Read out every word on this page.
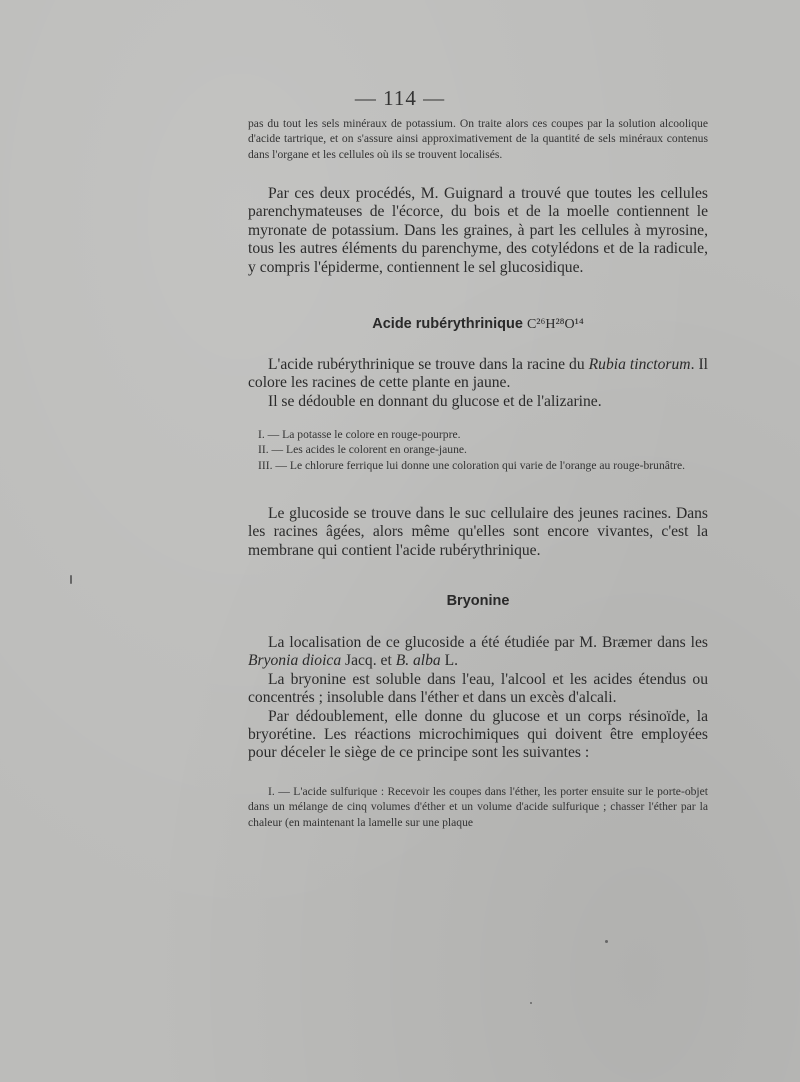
— 114 —

pas du tout les sels minéraux de potassium. On traite alors ces coupes par la solution alcoolique d'acide tartrique, et on s'assure ainsi approximativement de la quantité de sels minéraux contenus dans l'organe et les cellules où ils se trouvent localisés.

Par ces deux procédés, M. Guignard a trouvé que toutes les cellules parenchymateuses de l'écorce, du bois et de la moelle contiennent le myronate de potassium. Dans les graines, à part les cellules à myrosine, tous les autres éléments du parenchyme, des cotylédons et de la radicule, y compris l'épiderme, contiennent le sel glucosidique.

Acide rubérythrinique C²⁶H²⁸O¹⁴

L'acide rubérythrinique se trouve dans la racine du Rubia tinctorum. Il colore les racines de cette plante en jaune.

Il se dédouble en donnant du glucose et de l'alizarine.

I. — La potasse le colore en rouge-pourpre.

II. — Les acides le colorent en orange-jaune.

III. — Le chlorure ferrique lui donne une coloration qui varie de l'orange au rouge-brunâtre.

Le glucoside se trouve dans le suc cellulaire des jeunes racines. Dans les racines âgées, alors même qu'elles sont encore vivantes, c'est la membrane qui contient l'acide rubérythrinique.

Bryonine

La localisation de ce glucoside a été étudiée par M. Bræmer dans les Bryonia dioica Jacq. et B. alba L.

La bryonine est soluble dans l'eau, l'alcool et les acides étendus ou concentrés ; insoluble dans l'éther et dans un excès d'alcali.

Par dédoublement, elle donne du glucose et un corps résinoïde, la bryorétine. Les réactions microchimiques qui doivent être employées pour déceler le siège de ce principe sont les suivantes :

I. — L'acide sulfurique : Recevoir les coupes dans l'éther, les porter ensuite sur le porte-objet dans un mélange de cinq volumes d'éther et un volume d'acide sulfurique ; chasser l'éther par la chaleur (en maintenant la lamelle sur une plaque
